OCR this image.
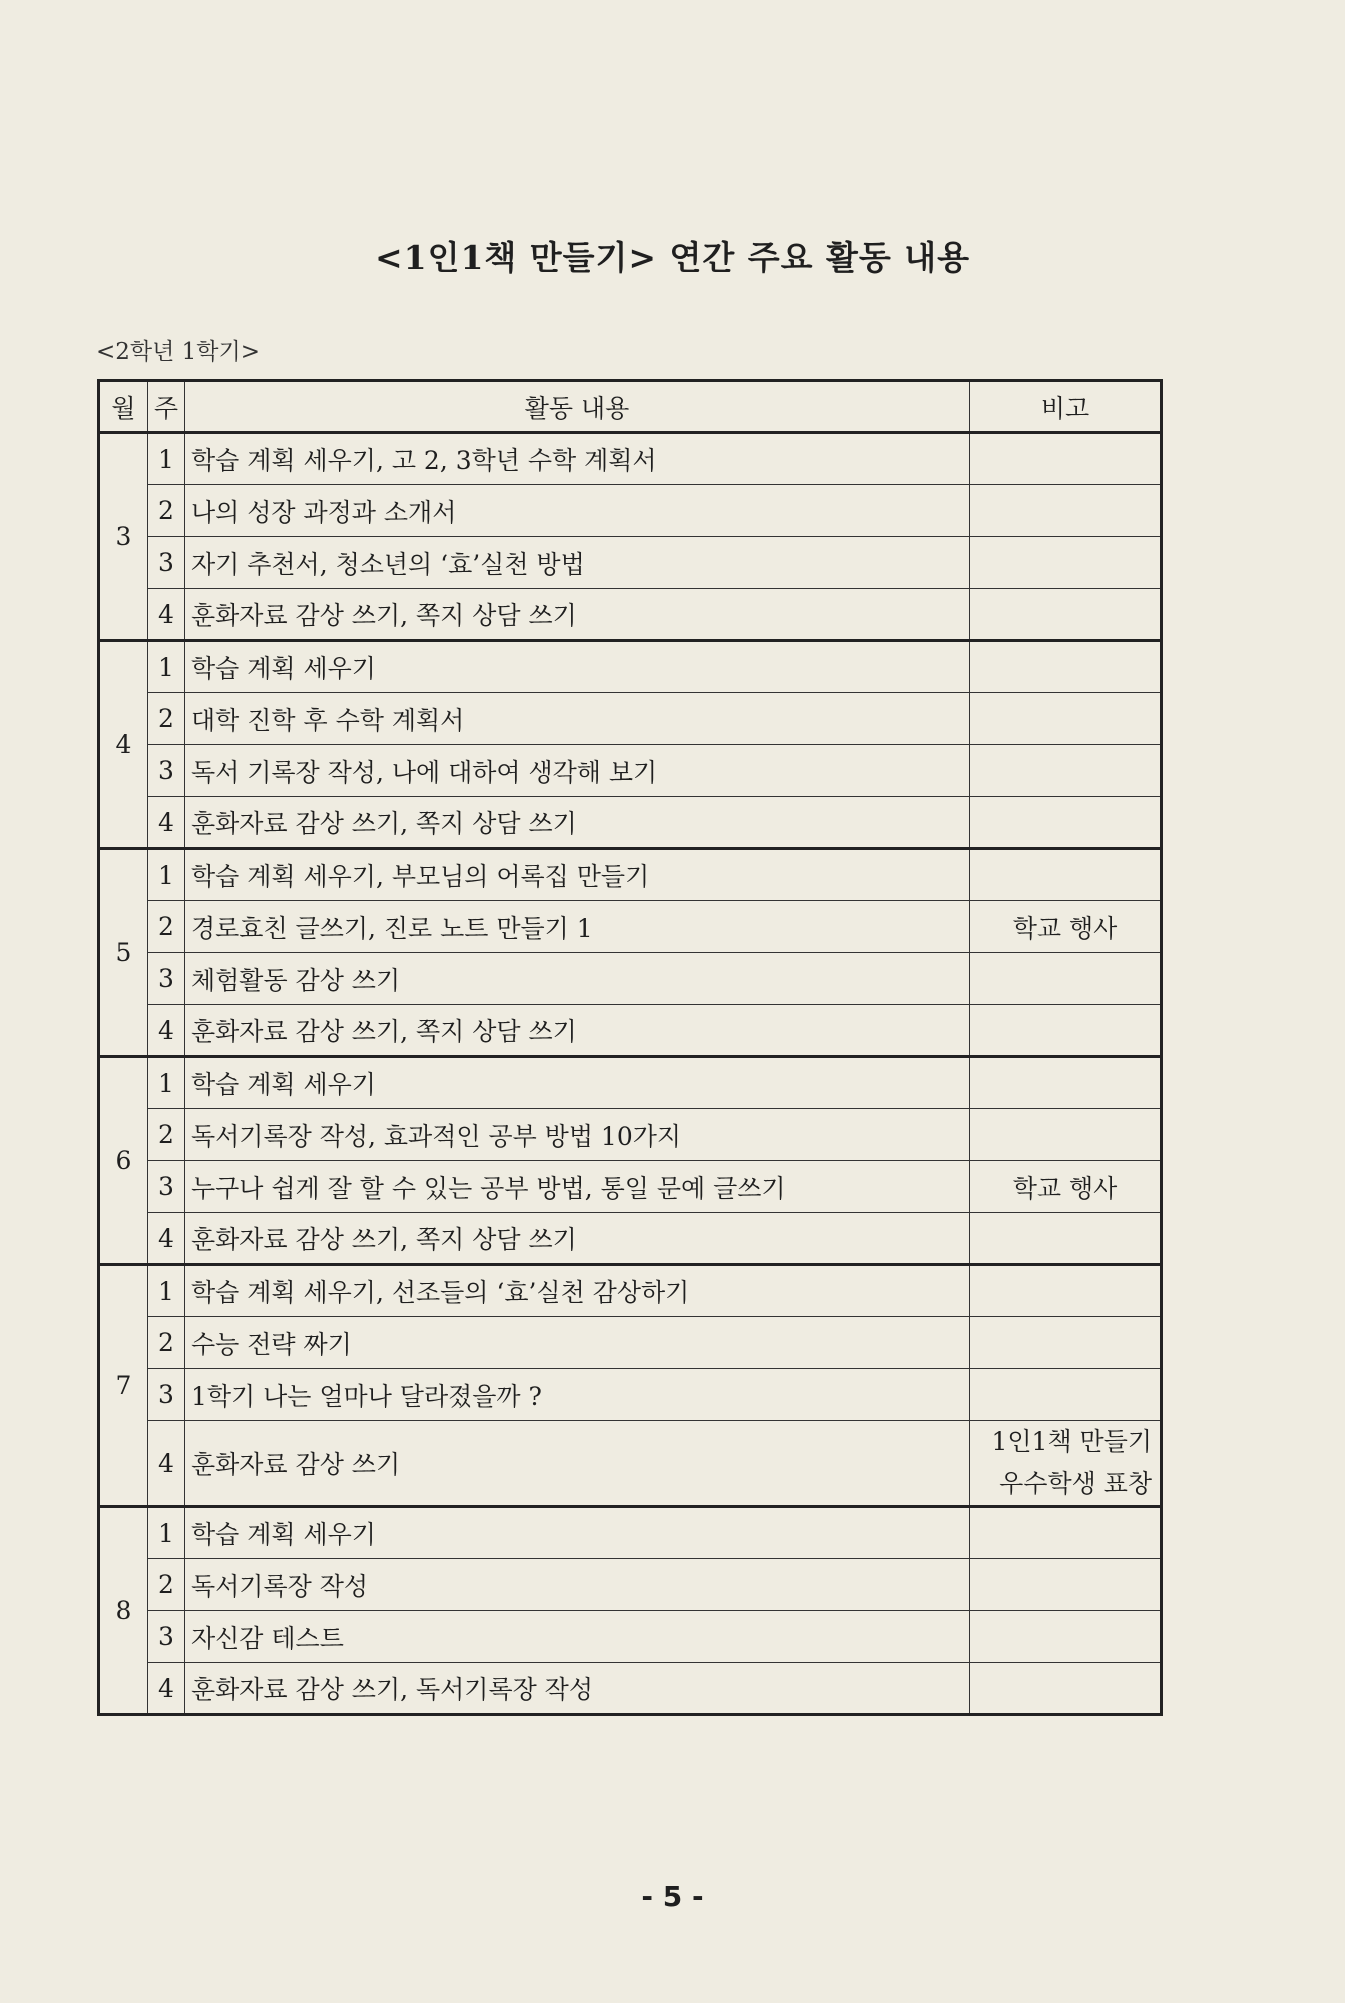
<1인1책 만들기> 연간 주요 활동 내용
<2학년 1학기>
월	주	활동 내용	비고
3	1	학습 계획 세우기, 고 2, 3학년 수학 계획서	
	2	나의 성장 과정과 소개서	
	3	자기 추천서, 청소년의 ‘효’실천 방법	
	4	훈화자료 감상 쓰기, 쪽지 상담 쓰기	
4	1	학습 계획 세우기	
	2	대학 진학 후 수학 계획서	
	3	독서 기록장 작성, 나에 대하여 생각해 보기	
	4	훈화자료 감상 쓰기, 쪽지 상담 쓰기	
5	1	학습 계획 세우기, 부모님의 어록집 만들기	
	2	경로효친 글쓰기, 진로 노트 만들기 1	학교 행사
	3	체험활동 감상 쓰기	
	4	훈화자료 감상 쓰기, 쪽지 상담 쓰기	
6	1	학습 계획 세우기	
	2	독서기록장 작성, 효과적인 공부 방법 10가지	
	3	누구나 쉽게 잘 할 수 있는 공부 방법, 통일 문예 글쓰기	학교 행사
	4	훈화자료 감상 쓰기, 쪽지 상담 쓰기	
7	1	학습 계획 세우기, 선조들의 ‘효’실천 감상하기	
	2	수능 전략 짜기	
	3	1학기 나는 얼마나 달라졌을까 ?	
	4	훈화자료 감상 쓰기	1인1책 만들기
우수학생 표창

8	1	학습 계획 세우기	
	2	독서기록장 작성	
	3	자신감 테스트	
	4	훈화자료 감상 쓰기, 독서기록장 작성	
- 5 -
